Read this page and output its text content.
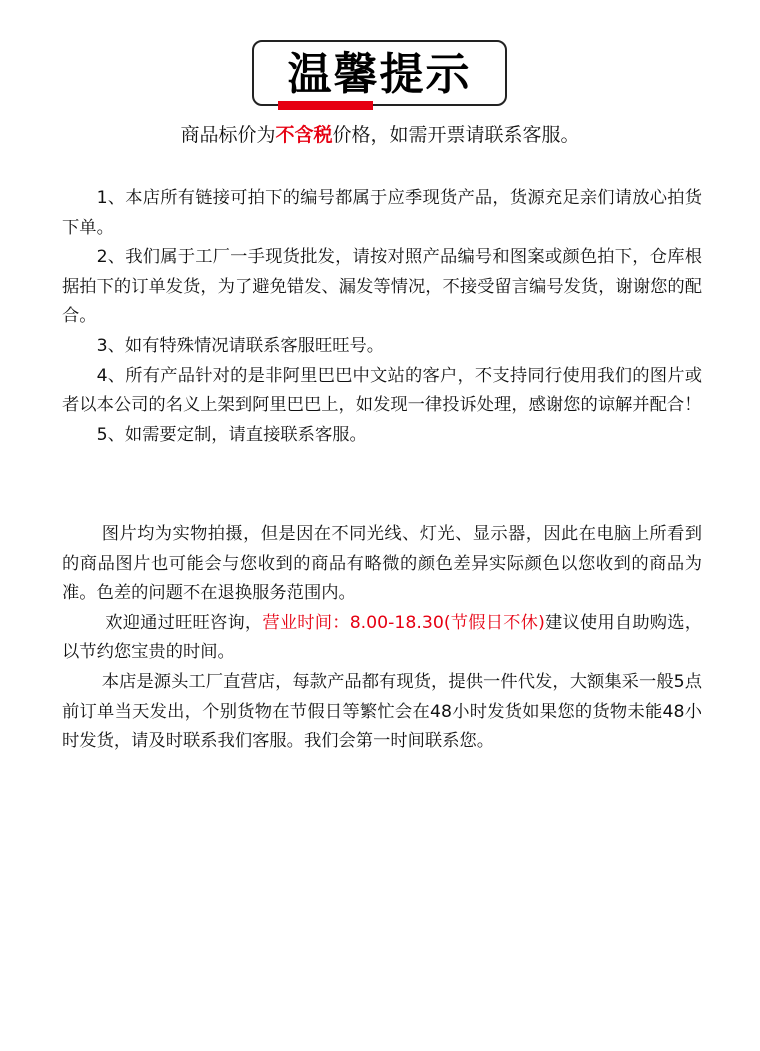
温馨提示
商品标价为不含税价格，如需开票请联系客服。

1、本店所有链接可拍下的编号都属于应季现货产品，货源充足亲们请放心拍货下单。

2、我们属于工厂一手现货批发，请按对照产品编号和图案或颜色拍下，仓库根据拍下的订单发货，为了避免错发、漏发等情况，不接受留言编号发货，谢谢您的配合。

3、如有特殊情况请联系客服旺旺号。

4、所有产品针对的是非阿里巴巴中文站的客户，不支持同行使用我们的图片或者以本公司的名义上架到阿里巴巴上，如发现一律投诉处理，感谢您的谅解并配合！

5、如需要定制，请直接联系客服。

图片均为实物拍摄，但是因在不同光线、灯光、显示器，因此在电脑上所看到的商品图片也可能会与您收到的商品有略微的颜色差异实际颜色以您收到的商品为准。色差的问题不在退换服务范围内。

欢迎通过旺旺咨询，营业时间：8.00-18.30(节假日不休)建议使用自助购选，以节约您宝贵的时间。

本店是源头工厂直营店，每款产品都有现货，提供一件代发，大额集采一般5点前订单当天发出，个别货物在节假日等繁忙会在48小时发货如果您的货物未能48小时发货，请及时联系我们客服。我们会第一时间联系您。
